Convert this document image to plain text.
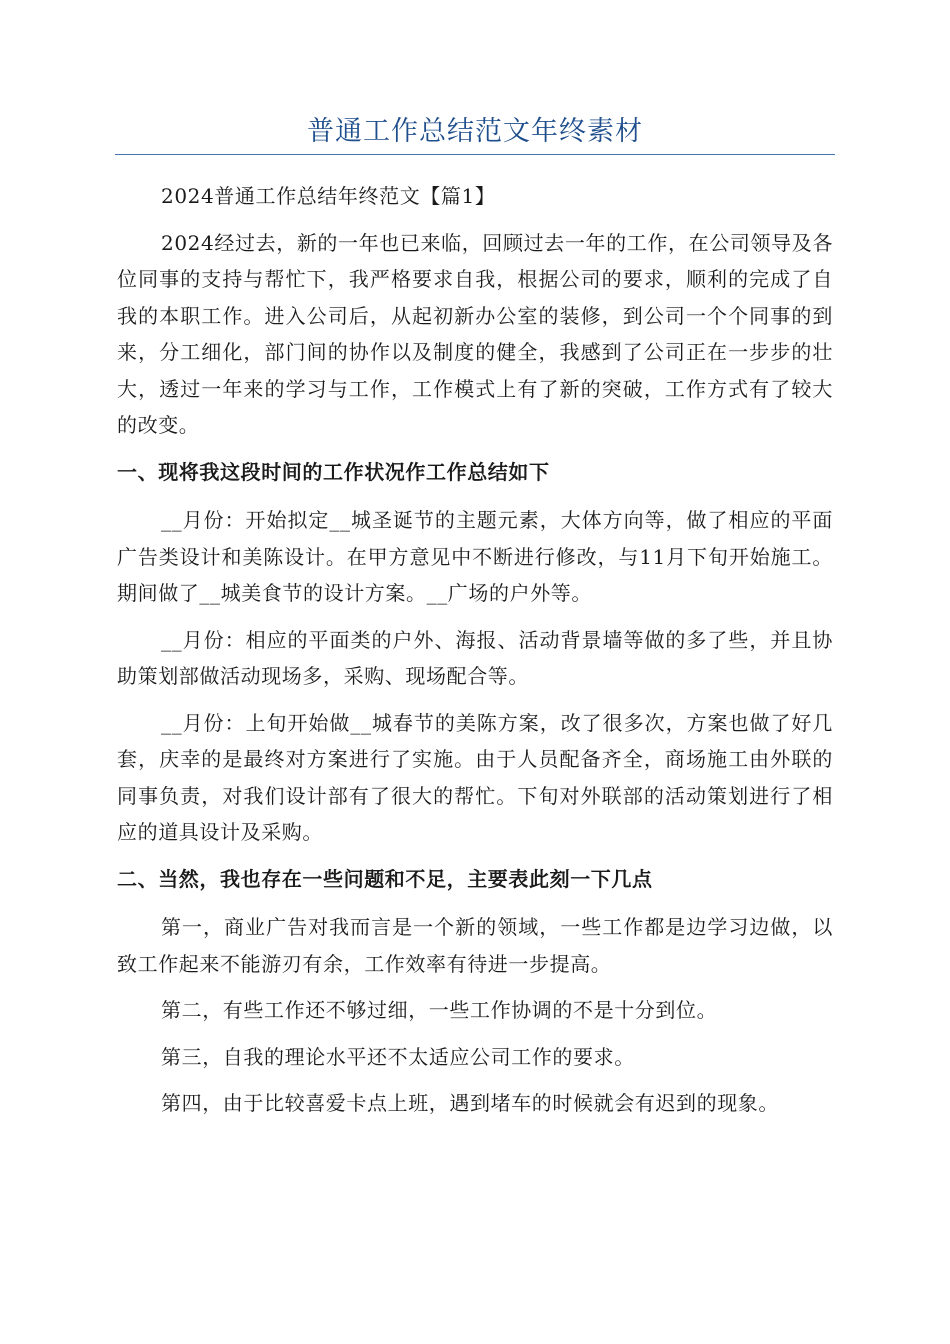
普通工作总结范文年终素材

2024普通工作总结年终范文【篇1】

2024经过去，新的一年也已来临，回顾过去一年的工作，在公司领导及各位同事的支持与帮忙下，我严格要求自我，根据公司的要求，顺利的完成了自我的本职工作。进入公司后，从起初新办公室的装修，到公司一个个同事的到来，分工细化，部门间的协作以及制度的健全，我感到了公司正在一步步的壮大，透过一年来的学习与工作，工作模式上有了新的突破，工作方式有了较大的改变。

一、现将我这段时间的工作状况作工作总结如下

__月份：开始拟定__城圣诞节的主题元素，大体方向等，做了相应的平面广告类设计和美陈设计。在甲方意见中不断进行修改，与11月下旬开始施工。期间做了__城美食节的设计方案。__广场的户外等。

__月份：相应的平面类的户外、海报、活动背景墙等做的多了些，并且协助策划部做活动现场多，采购、现场配合等。

__月份：上旬开始做__城春节的美陈方案，改了很多次，方案也做了好几套，庆幸的是最终对方案进行了实施。由于人员配备齐全，商场施工由外联的同事负责，对我们设计部有了很大的帮忙。下旬对外联部的活动策划进行了相应的道具设计及采购。

二、当然，我也存在一些问题和不足，主要表此刻一下几点

第一，商业广告对我而言是一个新的领域，一些工作都是边学习边做，以致工作起来不能游刃有余，工作效率有待进一步提高。

第二，有些工作还不够过细，一些工作协调的不是十分到位。

第三，自我的理论水平还不太适应公司工作的要求。

第四，由于比较喜爱卡点上班，遇到堵车的时候就会有迟到的现象。
